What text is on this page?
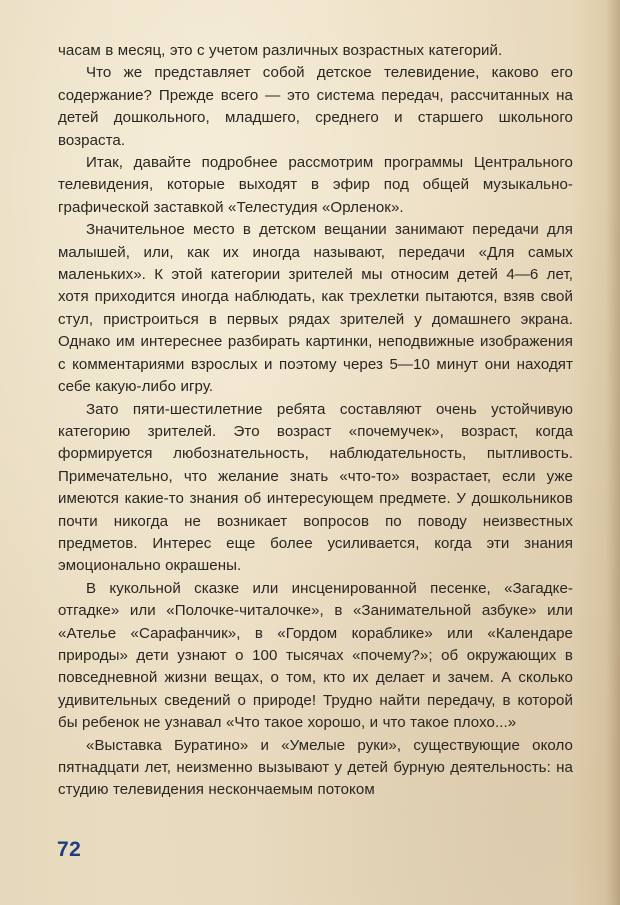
часам в месяц, это с учетом различных возрастных категорий.

Что же представляет собой детское телевидение, каково его содержание? Прежде всего — это система передач, рассчитанных на детей дошкольного, младшего, среднего и старшего школьного возраста.

Итак, давайте подробнее рассмотрим программы Центрального телевидения, которые выходят в эфир под общей музыкально-графической заставкой «Телестудия «Орленок».

Значительное место в детском вещании занимают передачи для малышей, или, как их иногда называют, передачи «Для самых маленьких». К этой категории зрителей мы относим детей 4—6 лет, хотя приходится иногда наблюдать, как трехлетки пытаются, взяв свой стул, пристроиться в первых рядах зрителей у домашнего экрана. Однако им интереснее разбирать картинки, неподвижные изображения с комментариями взрослых и поэтому через 5—10 минут они находят себе какую-либо игру.

Зато пяти-шестилетние ребята составляют очень устойчивую категорию зрителей. Это возраст «почемучек», возраст, когда формируется любознательность, наблюдательность, пытливость. Примечательно, что желание знать «что-то» возрастает, если уже имеются какие-то знания об интересующем предмете. У дошкольников почти никогда не возникает вопросов по поводу неизвестных предметов. Интерес еще более усиливается, когда эти знания эмоционально окрашены.

В кукольной сказке или инсценированной песенке, «Загадке-отгадке» или «Полочке-читалочке», в «Занимательной азбуке» или «Ателье «Сарафанчик», в «Гордом кораблике» или «Календаре природы» дети узнают о 100 тысячах «почему?»; об окружающих в повседневной жизни вещах, о том, кто их делает и зачем. А сколько удивительных сведений о природе! Трудно найти передачу, в которой бы ребенок не узнавал «Что такое хорошо, и что такое плохо...»

«Выставка Буратино» и «Умелые руки», существующие около пятнадцати лет, неизменно вызывают у детей бурную деятельность: на студию телевидения нескончаемым потоком

72
